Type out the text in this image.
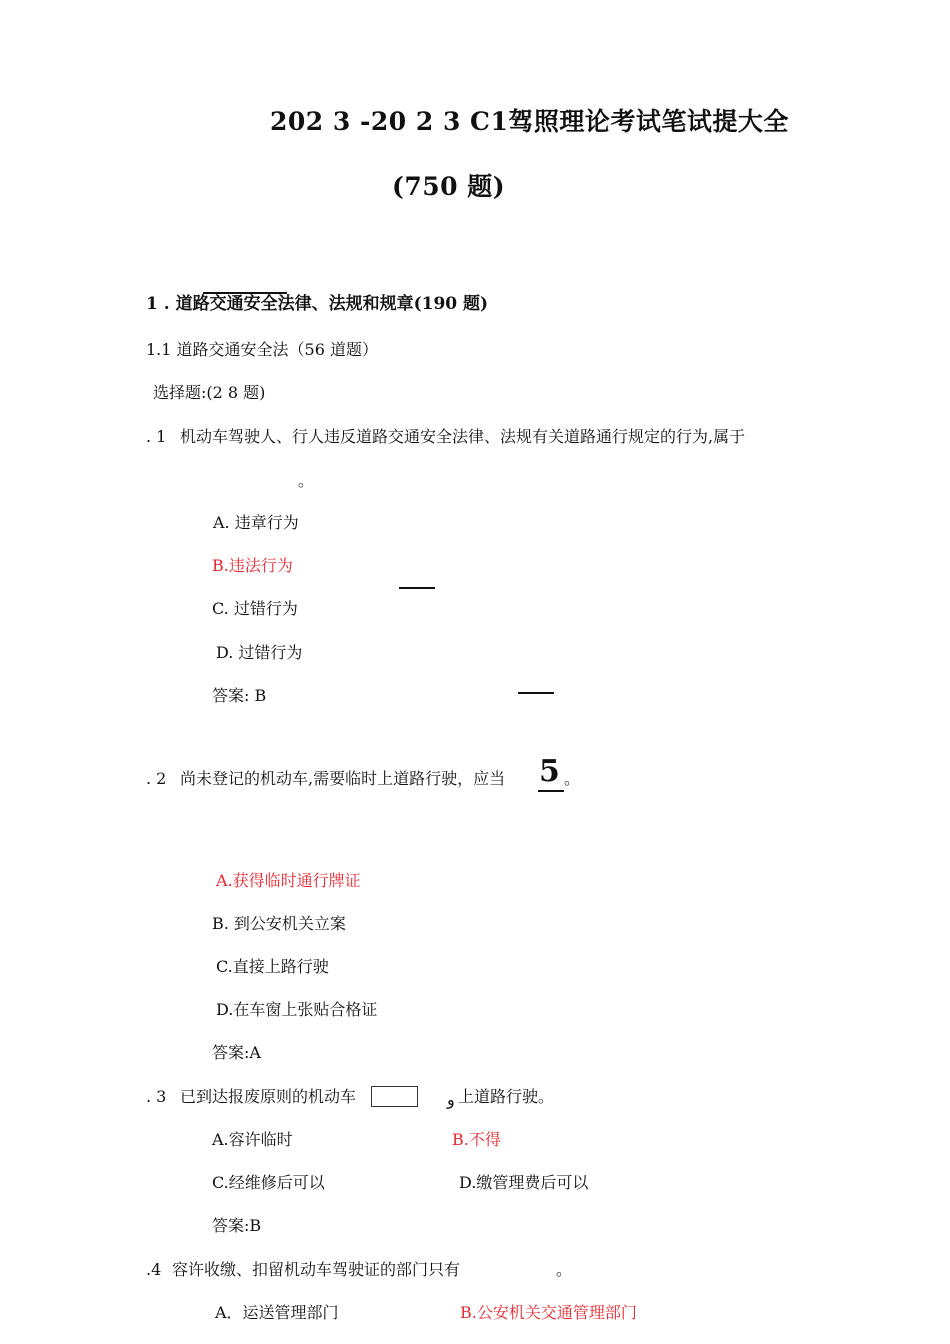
202 3 -20 2 3 C1驾照理论考试笔试提大全
(750 题)
1 . 道路交通安全法律、法规和规章(190 题)
1.1 道路交通安全法（56 道题）
选择题:(2 8 题)
. 1 机动车驾驶人、行人违反道路交通安全法律、法规有关道路通行规定的行为,属于
。
A. 违章行为
B.违法行为
C. 过错行为
D. 过错行为
答案: B
. 2 尚未登记的机动车,需要临时上道路行驶，应当 5 。
A.获得临时通行牌证
B. 到公安机关立案
C.直接上路行驶
D.在车窗上张贴合格证
答案:A
. 3 已到达报废原则的机动车	و 上道路行驶。
A.容许临时	B.不得
C.经维修后可以	D.缴管理费后可以
答案:B
.4 容许收缴、扣留机动车驾驶证的部门只有	。
A．运送管理部门	B.公安机关交通管理部门
